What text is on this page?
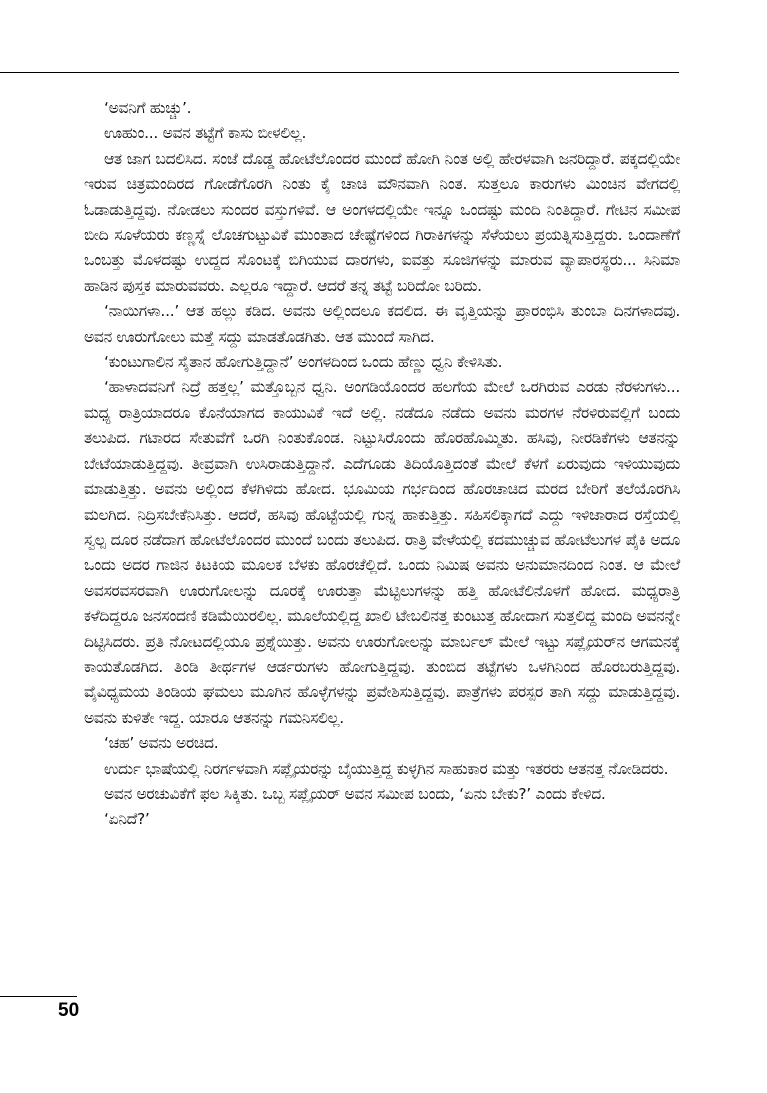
‘ಅವನಿಗೆ ಹುಚ್ಚು’.

ಊಹುಂ... ಅವನ ತಟ್ಟೆಗೆ ಕಾಸು ಬೀಳಲಿಲ್ಲ.

ಆತ ಜಾಗ ಬದಲಿಸಿದ. ಸಂಜೆ ದೊಡ್ಡ ಹೋಟೆಲೊಂದರ ಮುಂದೆ ಹೋಗಿ ನಿಂತ ಅಲ್ಲಿ ಹೇರಳವಾಗಿ ಜನರಿದ್ದಾರೆ. ಪಕ್ಕದಲ್ಲಿಯೇ ಇರುವ ಚಿತ್ರಮಂದಿರದ ಗೋಡೆಗೊರಗಿ ನಿಂತು ಕೈ ಚಾಚಿ ಮೌನವಾಗಿ ನಿಂತ. ಸುತ್ತಲೂ ಕಾರುಗಳು ಮಿಂಚಿನ ವೇಗದಲ್ಲಿ ಓಡಾಡುತ್ತಿದ್ದವು. ನೋಡಲು ಸುಂದರ ವಸ್ತುಗಳಿವೆ. ಆ ಅಂಗಳದಲ್ಲಿಯೇ ಇನ್ನೂ ಒಂದಷ್ಟು ಮಂದಿ ನಿಂತಿದ್ದಾರೆ. ಗೇಟಿನ ಸಮೀಪ ಬೀದಿ ಸೂಳೆಯರು ಕಣ್ಣಸ್ನೆ ಲೊಚಗುಟ್ಟುವಿಕೆ ಮುಂತಾದ ಚೇಷ್ಟೆಗಳಿಂದ ಗಿರಾಕಿಗಳನ್ನು ಸೆಳೆಯಲು ಪ್ರಯತ್ನಿಸುತ್ತಿದ್ದರು. ಒಂದಾಣೆಗೆ ಒಂಬತ್ತು ಮೊಳದಷ್ಟು ಉದ್ದದ ಸೊಂಟಕ್ಕೆ ಬಿಗಿಯುವ ದಾರಗಳು, ಐವತ್ತು ಸೂಜಿಗಳನ್ನು ಮಾರುವ ವ್ಯಾಪಾರಸ್ಥರು... ಸಿನಿಮಾ ಹಾಡಿನ ಪುಸ್ತಕ ಮಾರುವವರು. ಎಲ್ಲರೂ ಇದ್ದಾರೆ. ಆದರೆ ತನ್ನ ತಟ್ಟೆ ಬರಿದೋ ಬರಿದು.

‘ನಾಯಿಗಳಾ...’ ಆತ ಹಲ್ಲು ಕಡಿದ. ಅವನು ಅಲ್ಲಿಂದಲೂ ಕದಲಿದ. ಈ ವೃತ್ತಿಯನ್ನು ಪ್ರಾರಂಭಿಸಿ ತುಂಬಾ ದಿನಗಳಾದವು. ಅವನ ಊರುಗೋಲು ಮತ್ತೆ ಸದ್ದು ಮಾಡತೊಡಗಿತು. ಆತ ಮುಂದೆ ಸಾಗಿದ.

‘ಕುಂಟುಗಾಲಿನ ಸೈತಾನ ಹೋಗುತ್ತಿದ್ದಾನೆ’ ಅಂಗಳದಿಂದ ಒಂದು ಹೆಣ್ಣು ಧ್ವನಿ ಕೇಳಿಸಿತು.

‘ಹಾಳಾದವನಿಗೆ ನಿದ್ರೆ ಹತ್ತಲ್ಲ’ ಮತ್ತೊಬ್ಬನ ಧ್ವನಿ. ಅಂಗಡಿಯೊಂದರ ಹಲಗೆಯ ಮೇಲೆ ಒರಗಿರುವ ಎರಡು ನೆರಳುಗಳು... ಮಧ್ಯ ರಾತ್ರಿಯಾದರೂ ಕೊನೆಯಾಗದ ಕಾಯುವಿಕೆ ಇದೆ ಅಲ್ಲಿ. ನಡೆದೂ ನಡೆದು ಅವನು ಮರಗಳ ನೆರಳಿರುವಲ್ಲಿಗೆ ಬಂದು ತಲುಪಿದ. ಗಟಾರದ ಸೇತುವೆಗೆ ಒರಗಿ ನಿಂತುಕೊಂಡ. ನಿಟ್ಟುಸಿರೊಂದು ಹೊರಹೊಮ್ಮಿತು. ಹಸಿವು, ನೀರಡಿಕೆಗಳು ಆತನನ್ನು ಬೇಟೆಯಾಡುತ್ತಿದ್ದವು. ತೀವ್ರವಾಗಿ ಉಸಿರಾಡುತ್ತಿದ್ದಾನೆ. ಎದೆಗೂಡು ತಿದಿಯೊತ್ತಿದಂತೆ ಮೇಲೆ ಕೆಳಗೆ ಏರುವುದು ಇಳಿಯುವುದು ಮಾಡುತ್ತಿತ್ತು. ಅವನು ಅಲ್ಲಿಂದ ಕೆಳಗಿಳಿದು ಹೋದ. ಭೂಮಿಯ ಗರ್ಭದಿಂದ ಹೊರಚಾಚಿದ ಮರದ ಬೇರಿಗೆ ತಲೆಯೊರಗಿಸಿ ಮಲಗಿದ. ನಿದ್ರಿಸಬೇಕೆನಿಸಿತ್ತು. ಆದರೆ, ಹಸಿವು ಹೊಟ್ಟೆಯಲ್ಲಿ ಗುನ್ನ ಹಾಕುತ್ತಿತ್ತು. ಸಹಿಸಲಿಕ್ಕಾಗದೆ ಎದ್ದು ಇಳಿಜಾರಾದ ರಸ್ತೆಯಲ್ಲಿ ಸ್ವಲ್ಪ ದೂರ ನಡೆದಾಗ ಹೋಟೆಲೊಂದರ ಮುಂದೆ ಬಂದು ತಲುಪಿದ. ರಾತ್ರಿ ವೇಳೆಯಲ್ಲಿ ಕದಮುಚ್ಚುವ ಹೋಟೆಲುಗಳ ಪೈಕಿ ಅದೂ ಒಂದು ಅದರ ಗಾಜಿನ ಕಿಟಕಿಯ ಮೂಲಕ ಬೆಳಕು ಹೊರಚೆಲ್ಲಿದೆ. ಒಂದು ನಿಮಿಷ ಅವನು ಅನುಮಾನದಿಂದ ನಿಂತ. ಆ ಮೇಲೆ ಅವಸರವಸರವಾಗಿ ಊರುಗೋಲನ್ನು ದೂರಕ್ಕೆ ಊರುತ್ತಾ ಮೆಟ್ಟಿಲುಗಳನ್ನು ಹತ್ತಿ ಹೋಟೆಲಿನೊಳಗೆ ಹೋದ. ಮಧ್ಯರಾತ್ರಿ ಕಳೆದಿದ್ದರೂ ಜನಸಂದಣಿ ಕಡಿಮೆಯಿರಲಿಲ್ಲ. ಮೂಲೆಯಲ್ಲಿದ್ದ ಖಾಲಿ ಟೇಬಲಿನತ್ತ ಕುಂಟುತ್ತ ಹೋದಾಗ ಸುತ್ತಲಿದ್ದ ಮಂದಿ ಅವನನ್ನೇ ದಿಟ್ಟಿಸಿದರು. ಪ್ರತಿ ನೋಟದಲ್ಲಿಯೂ ಪ್ರಶ್ನೆಯಿತ್ತು. ಅವನು ಊರುಗೋಲನ್ನು ಮಾರ್ಬಲ್ ಮೇಲೆ ಇಟ್ಟು ಸಪ್ಲೈಯರ್‌ನ ಆಗಮನಕ್ಕೆ ಕಾಯತೊಡಗಿದ. ತಿಂಡಿ ತೀರ್ಥಗಳ ಆರ್ಡರುಗಳು ಹೋಗುತ್ತಿದ್ದವು. ತುಂಬಿದ ತಟ್ಟೆಗಳು ಒಳಗಿನಿಂದ ಹೊರಬರುತ್ತಿದ್ದವು. ವೈವಿಧ್ಯಮಯ ತಿಂಡಿಯ ಘಮಲು ಮೂಗಿನ ಹೊಳ್ಳೆಗಳನ್ನು ಪ್ರವೇಶಿಸುತ್ತಿದ್ದವು. ಪಾತ್ರೆಗಳು ಪರಸ್ಪರ ತಾಗಿ ಸದ್ದು ಮಾಡುತ್ತಿದ್ದವು. ಅವನು ಕುಳಿತೇ ಇದ್ದ. ಯಾರೂ ಆತನನ್ನು ಗಮನಿಸಲಿಲ್ಲ.

‘ಚಹ’ ಅವನು ಅರಚಿದ.

ಉರ್ದು ಭಾಷೆಯಲ್ಲಿ ನಿರರ್ಗಳವಾಗಿ ಸಪ್ಲೈಯರನ್ನು ಬೈಯುತ್ತಿದ್ದ ಕುಳ್ಳಗಿನ ಸಾಹುಕಾರ ಮತ್ತು ಇತರರು ಆತನತ್ತ ನೋಡಿದರು.

ಅವನ ಅರಚುವಿಕೆಗೆ ಫಲ ಸಿಕ್ಕಿತು. ಒಬ್ಬ ಸಪ್ಲೈಯರ್ ಅವನ ಸಮೀಪ ಬಂದು, ‘ಏನು ಬೇಕು?’ ಎಂದು ಕೇಳಿದ.

‘ಏನಿದೆ?’

50
